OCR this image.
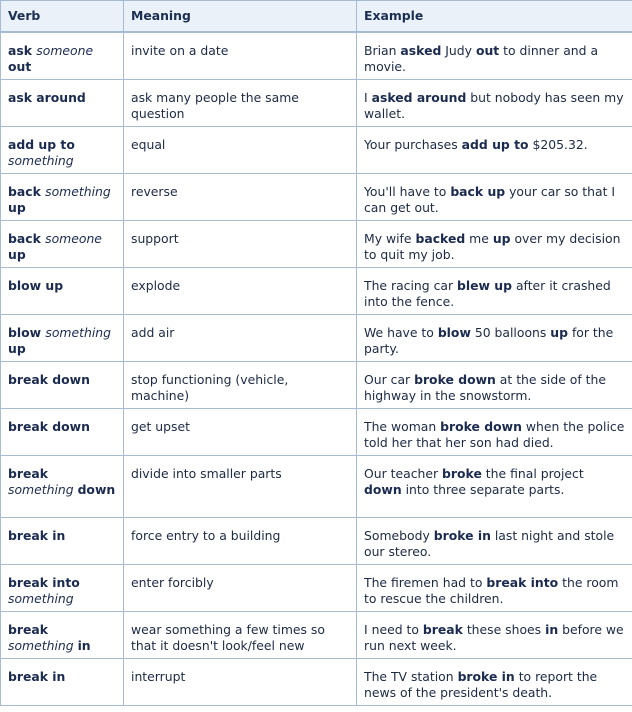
Verb	Meaning	Example
ask someone out	invite on a date	Brian asked Judy out to dinner and a movie.
ask around	ask many people the same question	I asked around but nobody has seen my wallet.
add up to something	equal	Your purchases add up to $205.32.
back something up	reverse	You'll have to back up your car so that I can get out.
back someone up	support	My wife backed me up over my decision to quit my job.
blow up	explode	The racing car blew up after it crashed into the fence.
blow something up	add air	We have to blow 50 balloons up for the party.
break down	stop functioning (vehicle, machine)	Our car broke down at the side of the highway in the snowstorm.
break down	get upset	The woman broke down when the police told her that her son had died.
break something down	divide into smaller parts	Our teacher broke the final project down into three separate parts.
break in	force entry to a building	Somebody broke in last night and stole our stereo.
break into something	enter forcibly	The firemen had to break into the room to rescue the children.
break something in	wear something a few times so that it doesn't look/feel new	I need to break these shoes in before we run next week.
break in	interrupt	The TV station broke in to report the news of the president's death.
